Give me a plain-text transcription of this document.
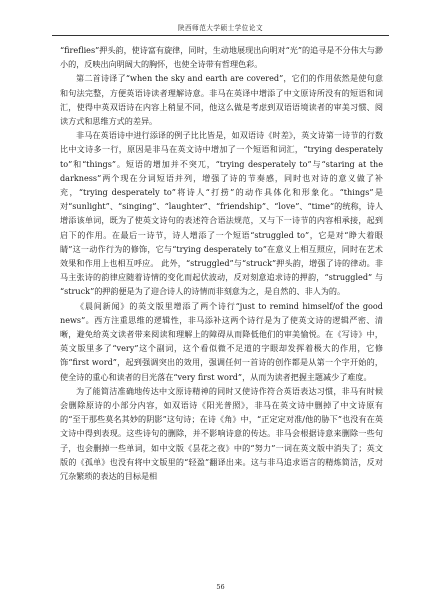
陕西师范大学硕士学位论文

“fireflies”押头韵，使诗富有旋律，同时，生动地展现出向明对“光”的追寻是不分伟大与渺小的，反映出向明阔大的胸怀，也使全诗带有哲理色彩。

第二首诗译了“when the sky and earth are covered”，它们的作用依然是使句意和句法完整，方便英语诗读者理解诗意。非马在英译中增添了中文原诗所没有的短语和词汇，使得中英双语诗在内容上稍显不同，他这么做是考虑到双语语境读者的审美习惯、阅读方式和思维方式的差异。

非马在英语诗中进行添译的例子比比皆是，如双语诗《时差》，英文诗第一诗节的行数比中文诗多一行，原因是非马在英文诗中增加了一个短语和词汇，“trying desperately to”和“things”。短语的增加并不突兀，“trying desperately to”与“staring at the darkness”两个现在分词短语并列，增强了诗的节奏感，同时也对诗的意义做了补充，“trying desperately to”将诗人“打捞”的动作具体化和形象化。“things”是对“sunlight”、“singing”、“laughter”、“friendship”、“love”、“time”的统称，诗人增添该单词，既为了使英文诗句的表述符合语法规范，又与下一诗节的内容相承接，起到启下的作用。在最后一诗节，诗人增添了一个短语“struggled to”，它是对“睁大着眼睛”这一动作行为的修饰，它与“trying desperately to”在意义上相互照应，同时在艺术效果和作用上也相互呼应。 此外，“struggled”与“struck”押头韵，增强了诗的律动。非马主张诗的韵律应随着诗情的变化而起伏波动，反对刻意追求诗的押韵，“struggled” 与 “struck”的押韵便是为了迎合诗人的诗情而非刻意为之，是自然的、非人为的。

《晨间新闻》的英文版里增添了两个诗行“just to remind himself/of the good news”。西方注重思维的逻辑性，非马添补这两个诗行是为了使英文诗的逻辑严密、清晰，避免给英文读者带来阅读和理解上的障碍从而降低他们的审美愉悦。在《写诗》中，英文版里多了“very”这个副词，这个看似微不足道的字眼却发挥着极大的作用，它修饰“first word”，起到强调突出的效用，强调任何一首诗的创作都是从第一个字开始的，使全诗的重心和读者的目光落在“very first word”，从而为读者把握主题减少了难度。

为了能简洁准确地传达中文原诗精神的同时又使诗作符合英语表达习惯，非马有时候会删除原诗的小部分内容，如双语诗《阳光普照》，非马在英文诗中删掉了中文诗原有的“至于那些莫名其妙的阴影”这句诗；在诗《角》中，“正定定对准/他的胁下”也没有在英文诗中得到表现。这些诗句的删除，并不影响诗意的传达。非马会根据诗意来删除一些句子，也会删掉一些单词，如中文版《昙花之夜》中的“努力”一词在英文版中消失了；英文版的《孤单》也没有将中文版里的“轻盈”翻译出来。这与非马追求语言的精炼简洁，反对冗杂繁琐的表达的目标是相

56
